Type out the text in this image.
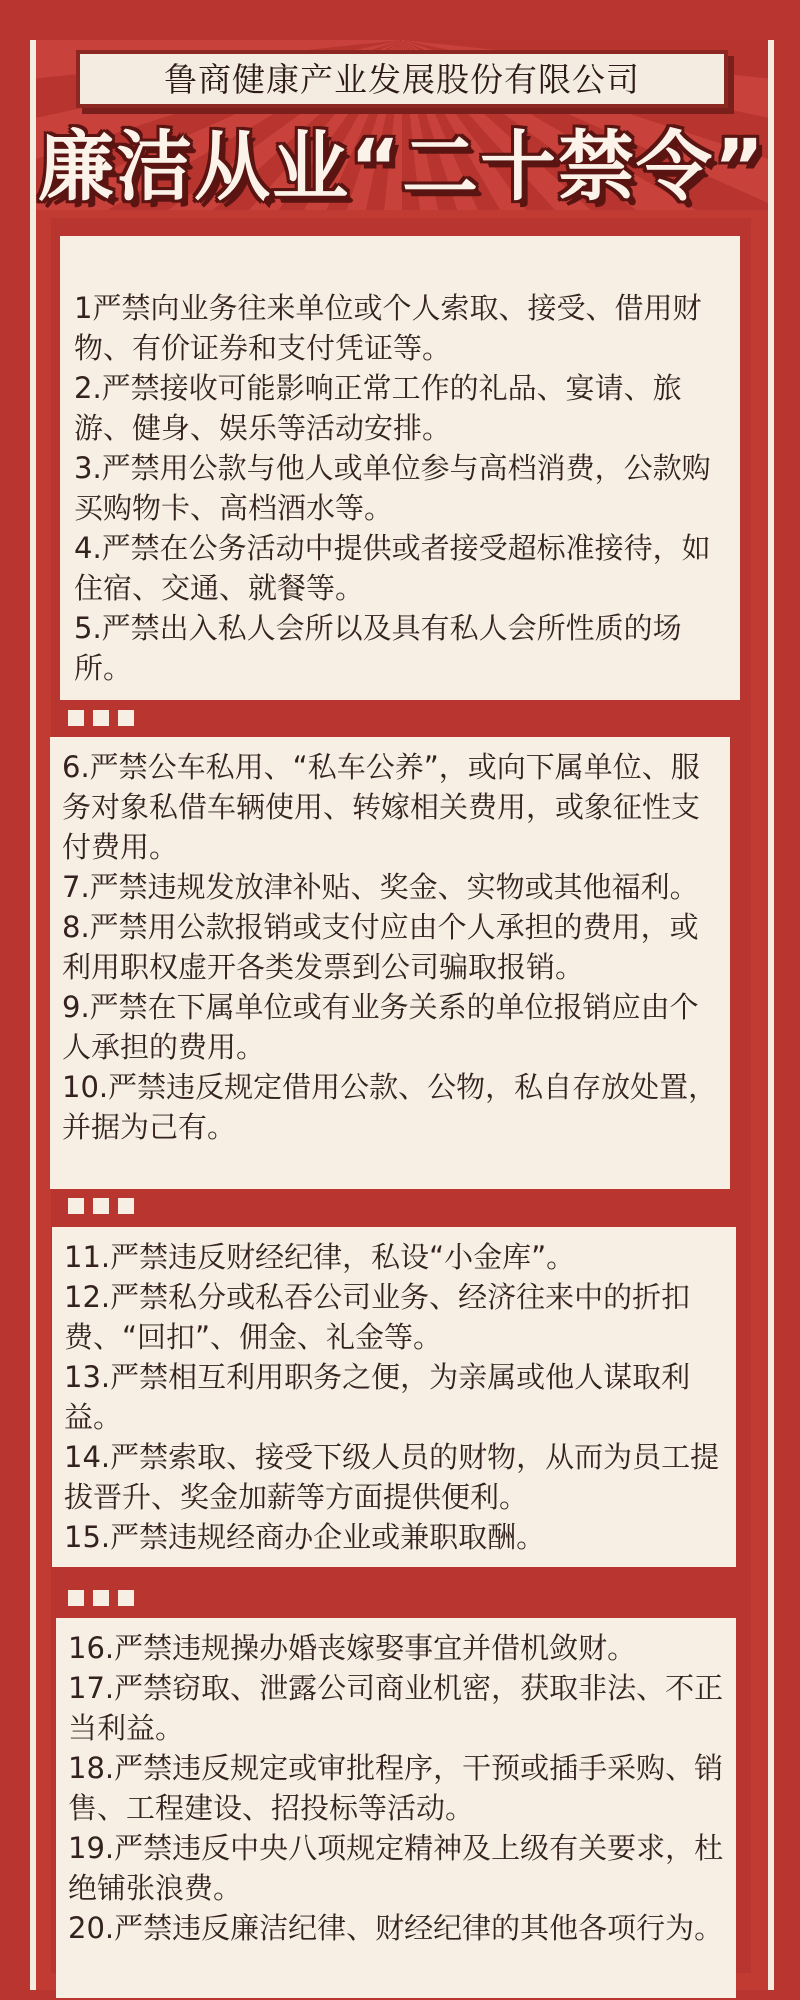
鲁商健康产业发展股份有限公司
廉洁从业“二十禁令”

1严禁向业务往来单位或个人索取、接受、借用财物、有价证券和支付凭证等。

2.严禁接收可能影响正常工作的礼品、宴请、旅游、健身、娱乐等活动安排。

3.严禁用公款与他人或单位参与高档消费，公款购买购物卡、高档酒水等。

4.严禁在公务活动中提供或者接受超标准接待，如住宿、交通、就餐等。

5.严禁出入私人会所以及具有私人会所性质的场所。

6.严禁公车私用、“私车公养”，或向下属单位、服务对象私借车辆使用、转嫁相关费用，或象征性支付费用。

7.严禁违规发放津补贴、奖金、实物或其他福利。

8.严禁用公款报销或支付应由个人承担的费用，或利用职权虚开各类发票到公司骗取报销。

9.严禁在下属单位或有业务关系的单位报销应由个人承担的费用。

10.严禁违反规定借用公款、公物，私自存放处置，并据为己有。

11.严禁违反财经纪律，私设“小金库”。

12.严禁私分或私吞公司业务、经济往来中的折扣费、“回扣”、佣金、礼金等。

13.严禁相互利用职务之便，为亲属或他人谋取利益。

14.严禁索取、接受下级人员的财物，从而为员工提拔晋升、奖金加薪等方面提供便利。

15.严禁违规经商办企业或兼职取酬。

16.严禁违规操办婚丧嫁娶事宜并借机敛财。

17.严禁窃取、泄露公司商业机密，获取非法、不正当利益。

18.严禁违反规定或审批程序，干预或插手采购、销售、工程建设、招投标等活动。

19.严禁违反中央八项规定精神及上级有关要求，杜绝铺张浪费。

20.严禁违反廉洁纪律、财经纪律的其他各项行为。
